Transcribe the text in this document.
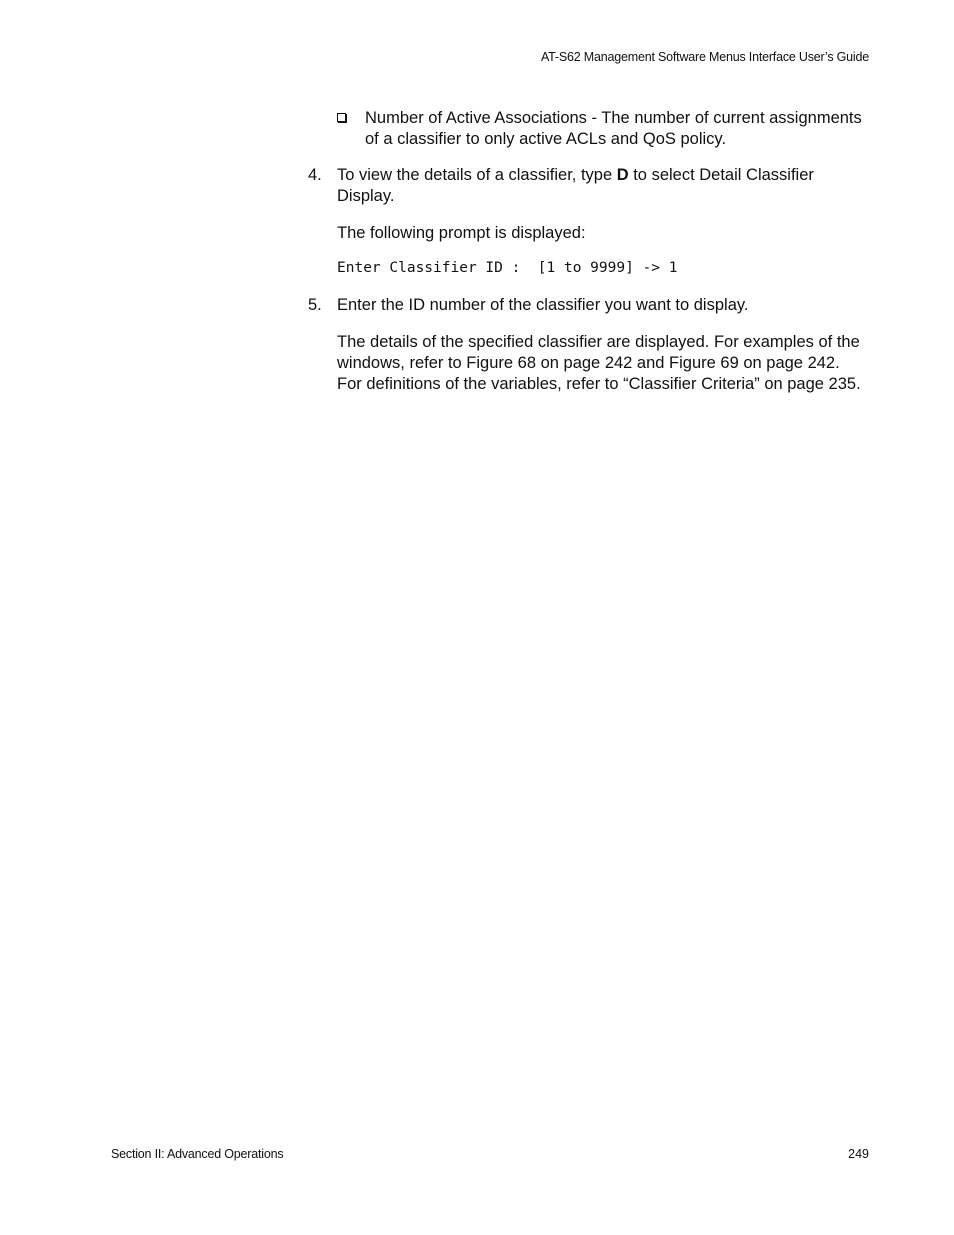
AT-S62 Management Software Menus Interface User’s Guide
Number of Active Associations - The number of current assignments of a classifier to only active ACLs and QoS policy.
4. To view the details of a classifier, type D to select Detail Classifier Display.
The following prompt is displayed:
Enter Classifier ID :  [1 to 9999] -> 1
5. Enter the ID number of the classifier you want to display.
The details of the specified classifier are displayed. For examples of the windows, refer to Figure 68 on page 242 and Figure 69 on page 242. For definitions of the variables, refer to “Classifier Criteria” on page 235.
Section II: Advanced Operations	249
